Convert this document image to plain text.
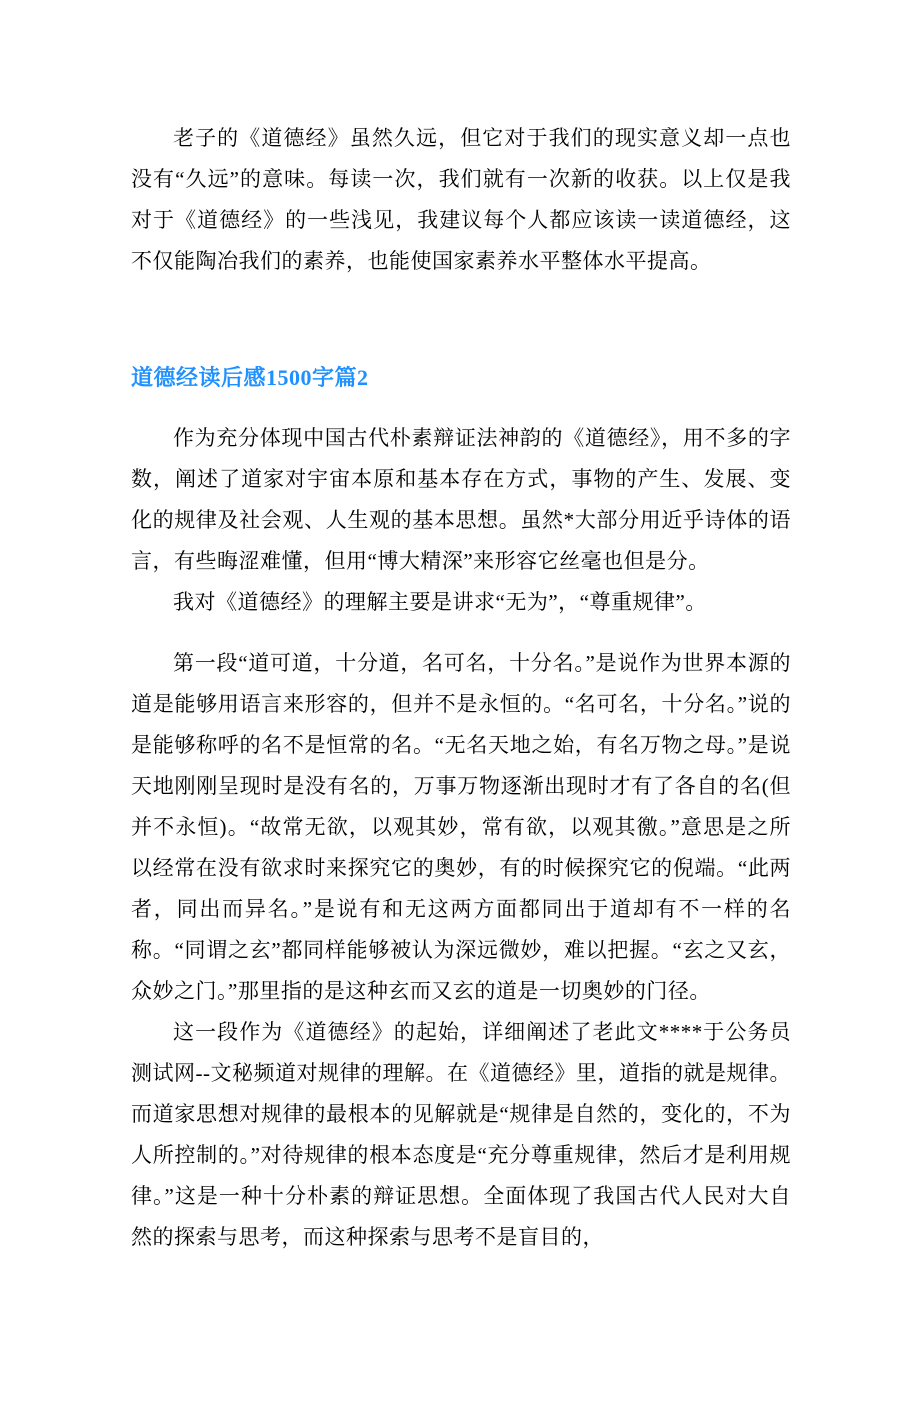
老子的《道德经》虽然久远，但它对于我们的现实意义却一点也没有“久远”的意味。每读一次，我们就有一次新的收获。以上仅是我对于《道德经》的一些浅见，我建议每个人都应该读一读道德经，这不仅能陶冶我们的素养，也能使国家素养水平整体水平提高。

道德经读后感1500字篇2

作为充分体现中国古代朴素辩证法神韵的《道德经》，用不多的字数，阐述了道家对宇宙本原和基本存在方式，事物的产生、发展、变化的规律及社会观、人生观的基本思想。虽然*大部分用近乎诗体的语言，有些晦涩难懂，但用“博大精深”来形容它丝毫也但是分。

我对《道德经》的理解主要是讲求“无为”，“尊重规律”。

第一段“道可道，十分道，名可名，十分名。”是说作为世界本源的道是能够用语言来形容的，但并不是永恒的。“名可名，十分名。”说的是能够称呼的名不是恒常的名。“无名天地之始，有名万物之母。”是说天地刚刚呈现时是没有名的，万事万物逐渐出现时才有了各自的名(但并不永恒)。“故常无欲，以观其妙，常有欲，以观其徼。”意思是之所以经常在没有欲求时来探究它的奥妙，有的时候探究它的倪端。“此两者，同出而异名。”是说有和无这两方面都同出于道却有不一样的名称。“同谓之玄”都同样能够被认为深远微妙，难以把握。“玄之又玄，众妙之门。”那里指的是这种玄而又玄的道是一切奥妙的门径。

这一段作为《道德经》的起始，详细阐述了老此文****于公务员测试网--文秘频道对规律的理解。在《道德经》里，道指的就是规律。而道家思想对规律的最根本的见解就是“规律是自然的，变化的，不为人所控制的。”对待规律的根本态度是“充分尊重规律，然后才是利用规律。”这是一种十分朴素的辩证思想。全面体现了我国古代人民对大自然的探索与思考，而这种探索与思考不是盲目的，
